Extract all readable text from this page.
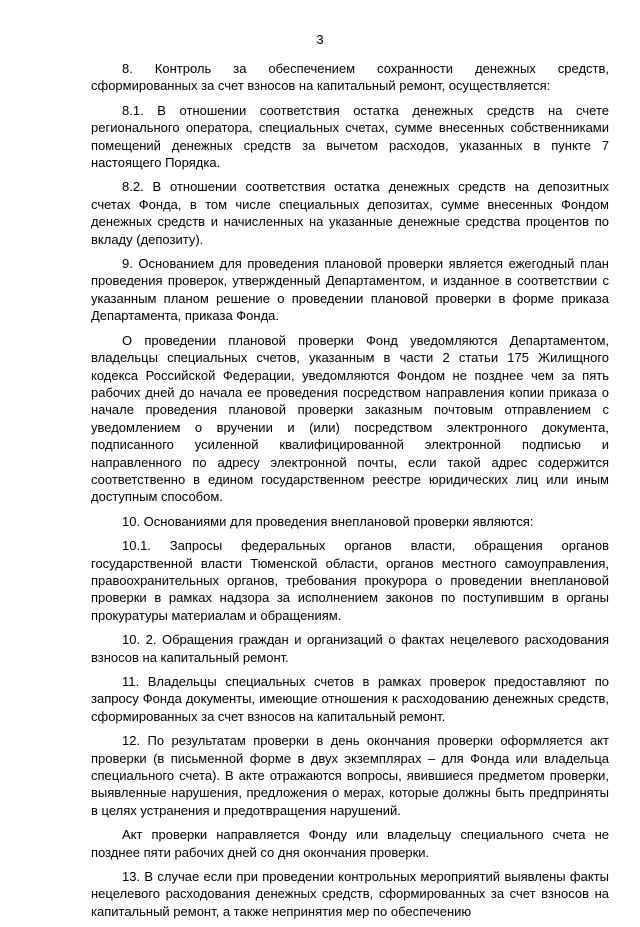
3

8. Контроль за обеспечением сохранности денежных средств, сформированных за счет взносов на капитальный ремонт, осуществляется:

8.1. В отношении соответствия остатка денежных средств на счете регионального оператора, специальных счетах, сумме внесенных собственниками помещений денежных средств за вычетом расходов, указанных в пункте 7 настоящего Порядка.

8.2. В отношении соответствия остатка денежных средств на депозитных счетах Фонда, в том числе специальных депозитах, сумме внесенных Фондом денежных средств и начисленных на указанные денежные средства процентов по вкладу (депозиту).

9. Основанием для проведения плановой проверки является ежегодный план проведения проверок, утвержденный Департаментом, и изданное в соответствии с указанным планом решение о проведении плановой проверки в форме приказа Департамента, приказа Фонда.

О проведении плановой проверки Фонд уведомляются Департаментом, владельцы специальных счетов, указанным в части 2 статьи 175 Жилищного кодекса Российской Федерации, уведомляются Фондом не позднее чем за пять рабочих дней до начала ее проведения посредством направления копии приказа о начале проведения плановой проверки заказным почтовым отправлением с уведомлением о вручении и (или) посредством электронного документа, подписанного усиленной квалифицированной электронной подписью и направленного по адресу электронной почты, если такой адрес содержится соответственно в едином государственном реестре юридических лиц или иным доступным способом.

10. Основаниями для проведения внеплановой проверки являются:

10.1. Запросы федеральных органов власти, обращения органов государственной власти Тюменской области, органов местного самоуправления, правоохранительных органов, требования прокурора о проведении внеплановой проверки в рамках надзора за исполнением законов по поступившим в органы прокуратуры материалам и обращениям.

10. 2. Обращения граждан и организаций о фактах нецелевого расходования взносов на капитальный ремонт.

11. Владельцы специальных счетов в рамках проверок предоставляют по запросу Фонда документы, имеющие отношения к расходованию денежных средств, сформированных за счет взносов на капитальный ремонт.

12. По результатам проверки в день окончания проверки оформляется акт проверки (в письменной форме в двух экземплярах – для Фонда или владельца специального счета). В акте отражаются вопросы, явившиеся предметом проверки, выявленные нарушения, предложения о мерах, которые должны быть предприняты в целях устранения и предотвращения нарушений.

Акт проверки направляется Фонду или владельцу специального счета не позднее пяти рабочих дней со дня окончания проверки.

13. В случае если при проведении контрольных мероприятий выявлены факты нецелевого расходования денежных средств, сформированных за счет взносов на капитальный ремонт, а также непринятия мер по обеспечению
